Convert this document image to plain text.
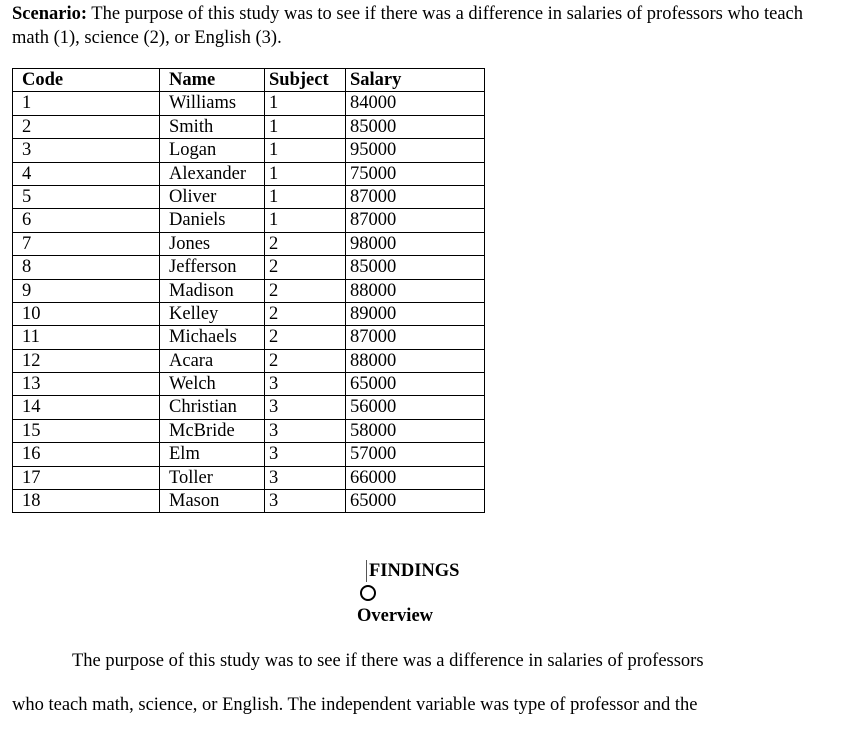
Scenario: The purpose of this study was to see if there was a difference in salaries of professors who teach math (1), science (2), or English (3).
Code	Name	Subject	Salary
1	Williams	1	84000
2	Smith	1	85000
3	Logan	1	95000
4	Alexander	1	75000
5	Oliver	1	87000
6	Daniels	1	87000
7	Jones	2	98000
8	Jefferson	2	85000
9	Madison	2	88000
10	Kelley	2	89000
11	Michaels	2	87000
12	Acara	2	88000
13	Welch	3	65000
14	Christian	3	56000
15	McBride	3	58000
16	Elm	3	57000
17	Toller	3	66000
18	Mason	3	65000
FINDINGS
Overview
The purpose of this study was to see if there was a difference in salaries of professors
who teach math, science, or English. The independent variable was type of professor and the
